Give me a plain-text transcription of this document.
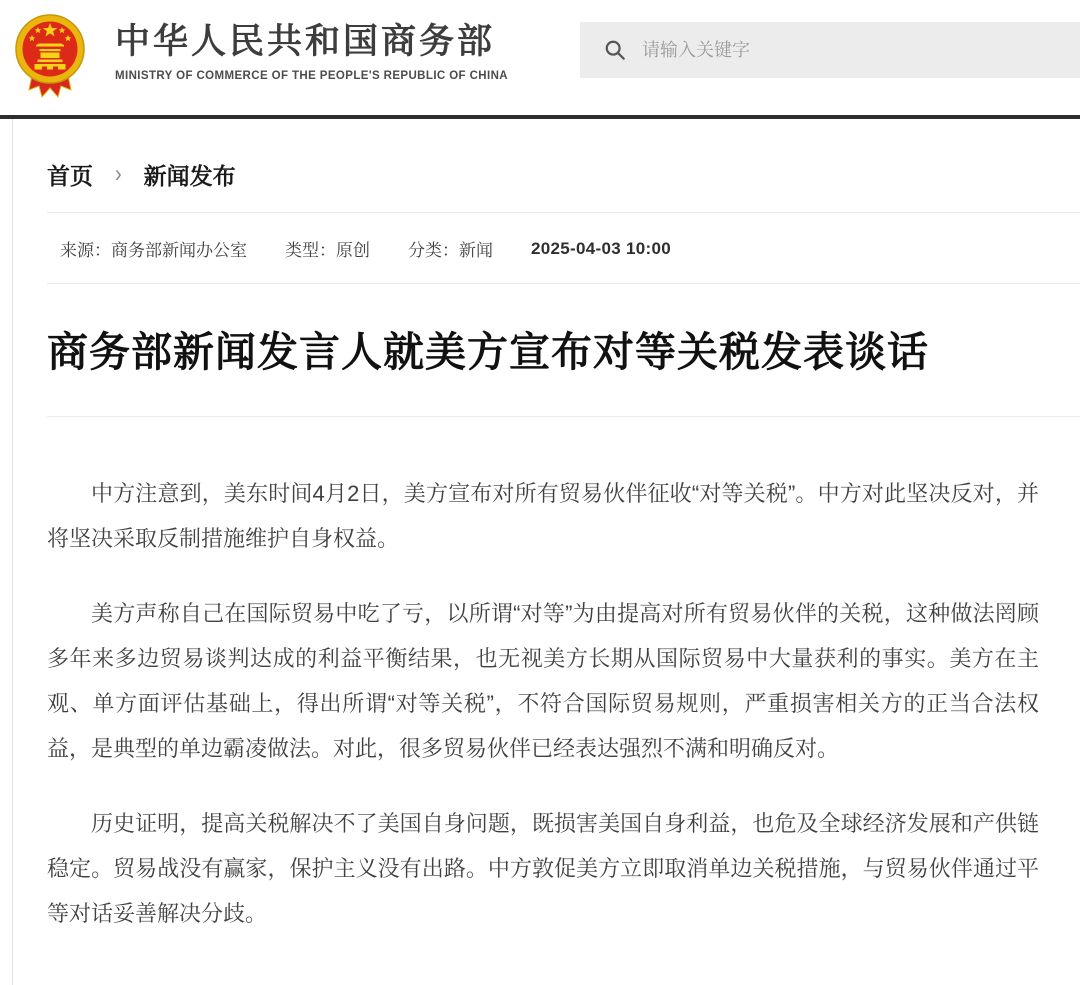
中华人民共和国商务部
MINISTRY OF COMMERCE OF THE PEOPLE'S REPUBLIC OF CHINA
请输入关键字
首页 › 新闻发布
来源：商务部新闻办公室 类型：原创 分类：新闻 2025-04-03 10:00
商务部新闻发言人就美方宣布对等关税发表谈话

中方注意到，美东时间4月2日，美方宣布对所有贸易伙伴征收“对等关税”。中方对此坚决反对，并将坚决采取反制措施维护自身权益。

美方声称自己在国际贸易中吃了亏，以所谓“对等”为由提高对所有贸易伙伴的关税，这种做法罔顾多年来多边贸易谈判达成的利益平衡结果，也无视美方长期从国际贸易中大量获利的事实。美方在主观、单方面评估基础上，得出所谓“对等关税”，不符合国际贸易规则，严重损害相关方的正当合法权益，是典型的单边霸凌做法。对此，很多贸易伙伴已经表达强烈不满和明确反对。

历史证明，提高关税解决不了美国自身问题，既损害美国自身利益，也危及全球经济发展和产供链稳定。贸易战没有赢家，保护主义没有出路。中方敦促美方立即取消单边关税措施，与贸易伙伴通过平等对话妥善解决分歧。
